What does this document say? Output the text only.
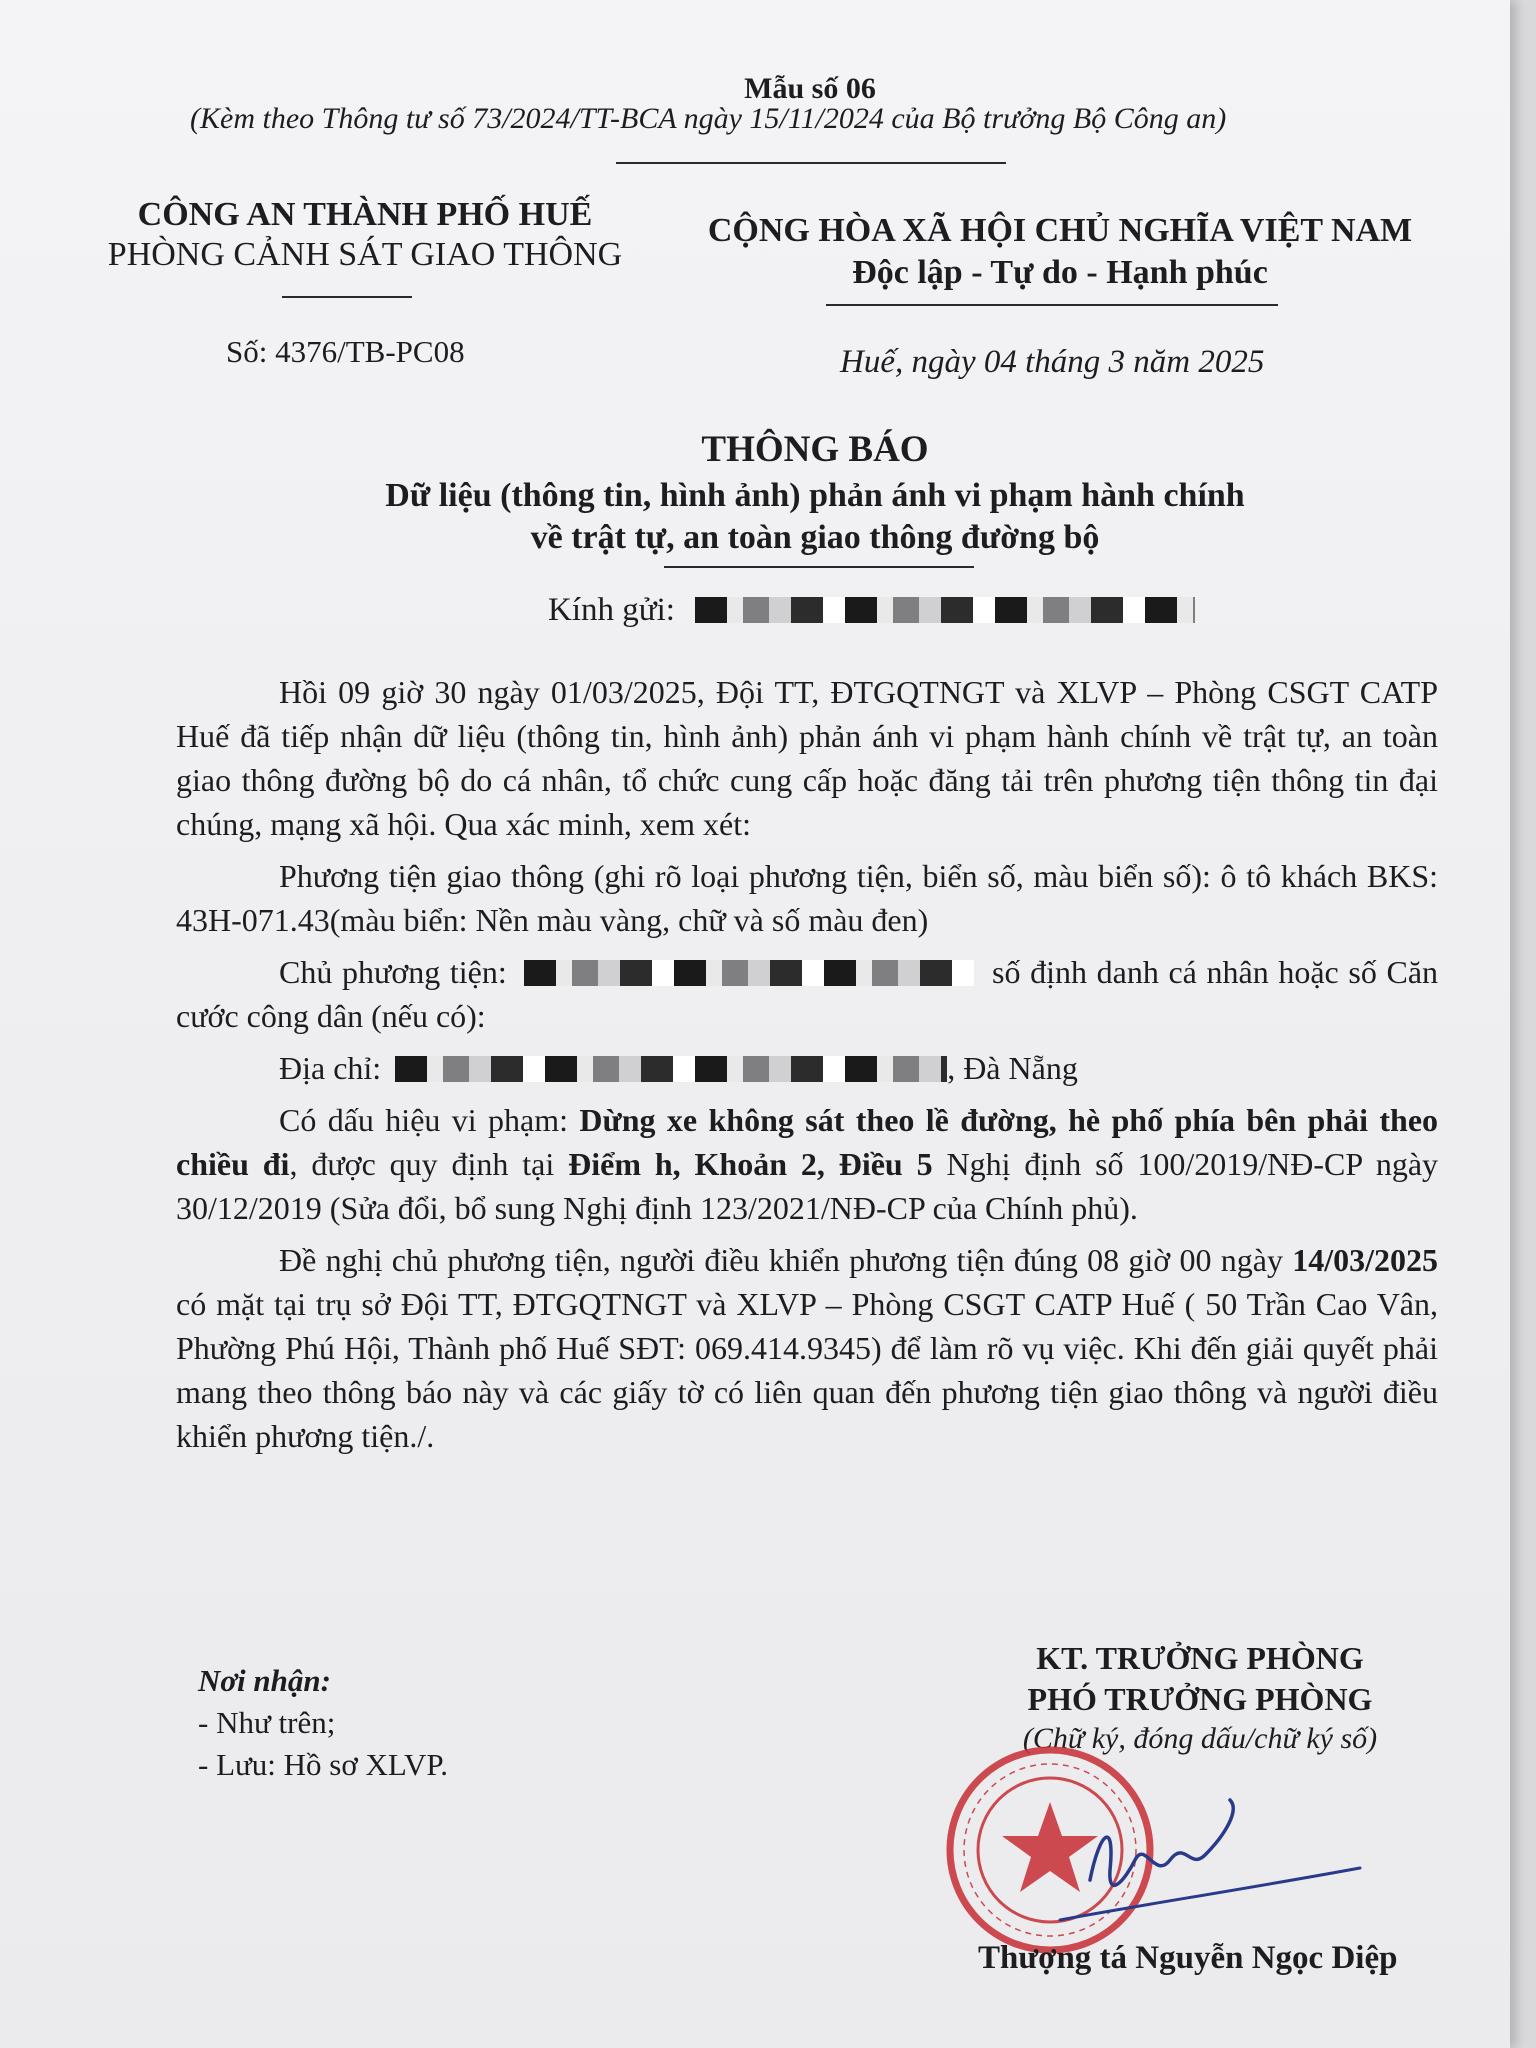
Mẫu số 06
(Kèm theo Thông tư số 73/2024/TT-BCA ngày 15/11/2024 của Bộ trưởng Bộ Công an)
CÔNG AN THÀNH PHỐ HUẾ
PHÒNG CẢNH SÁT GIAO THÔNG
Số: 4376/TB-PC08
CỘNG HÒA XÃ HỘI CHỦ NGHĨA VIỆT NAM
Độc lập - Tự do - Hạnh phúc
Huế, ngày 04 tháng 3 năm 2025
THÔNG BÁO
Dữ liệu (thông tin, hình ảnh) phản ánh vi phạm hành chính
về trật tự, an toàn giao thông đường bộ
Kính gửi:

Hồi 09 giờ 30 ngày 01/03/2025, Đội TT, ĐTGQTNGT và XLVP – Phòng CSGT CATP Huế đã tiếp nhận dữ liệu (thông tin, hình ảnh) phản ánh vi phạm hành chính về trật tự, an toàn giao thông đường bộ do cá nhân, tổ chức cung cấp hoặc đăng tải trên phương tiện thông tin đại chúng, mạng xã hội. Qua xác minh, xem xét:

Phương tiện giao thông (ghi rõ loại phương tiện, biển số, màu biển số): ô tô khách BKS: 43H-071.43(màu biển: Nền màu vàng, chữ và số màu đen)

Chủ phương tiện:	số định danh cá nhân hoặc số Căn cước công dân (nếu có):

Địa chỉ:	, Đà Nẵng

Có dấu hiệu vi phạm: Dừng xe không sát theo lề đường, hè phố phía bên phải theo chiều đi, được quy định tại Điểm h, Khoản 2, Điều 5 Nghị định số 100/2019/NĐ-CP ngày 30/12/2019 (Sửa đổi, bổ sung Nghị định 123/2021/NĐ-CP của Chính phủ).

Đề nghị chủ phương tiện, người điều khiển phương tiện đúng 08 giờ 00 ngày 14/03/2025 có mặt tại trụ sở Đội TT, ĐTGQTNGT và XLVP – Phòng CSGT CATP Huế ( 50 Trần Cao Vân, Phường Phú Hội, Thành phố Huế SĐT: 069.414.9345) để làm rõ vụ việc. Khi đến giải quyết phải mang theo thông báo này và các giấy tờ có liên quan đến phương tiện giao thông và người điều khiển phương tiện./.

Nơi nhận:
- Như trên;
- Lưu: Hồ sơ XLVP.
KT. TRƯỞNG PHÒNG
PHÓ TRƯỞNG PHÒNG
(Chữ ký, đóng dấu/chữ ký số)
Thượng tá Nguyễn Ngọc Diệp
